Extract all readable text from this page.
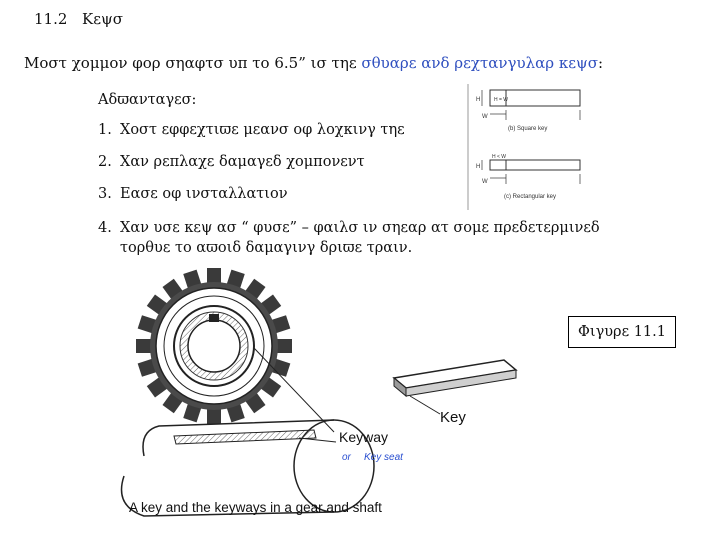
11.2 Κεψσ
Μοστ χομμον φορ σηαφτσ υπ το 6.5” ισ τηε σθυαρε ανδ ρεχτανγυλαρ κεψσ:
Αδϖανταγεσ:
1. Χοστ εφφεχτιϖε μεανσ οφ λοχκινγ τηε
2. Χαν ρεπλαχε δαμαγεδ χομπονεντ
3. Εασε οφ ινσταλλατιον
4. Χαν υσε κεψ ασ “ φυσε” – φαιλσ ιν σηεαρ ατ σομε πρεδετερμινεδ
τορθυε το αϖοιδ δαμαγινγ δριϖε τραιν.
H	H = W
W
(b) Square key
H
H < W
W
(c) Rectangular key
Key
Keyway
or Key seat
A key and the keyways in a gear and shaft
Φιγυρε 11.1
